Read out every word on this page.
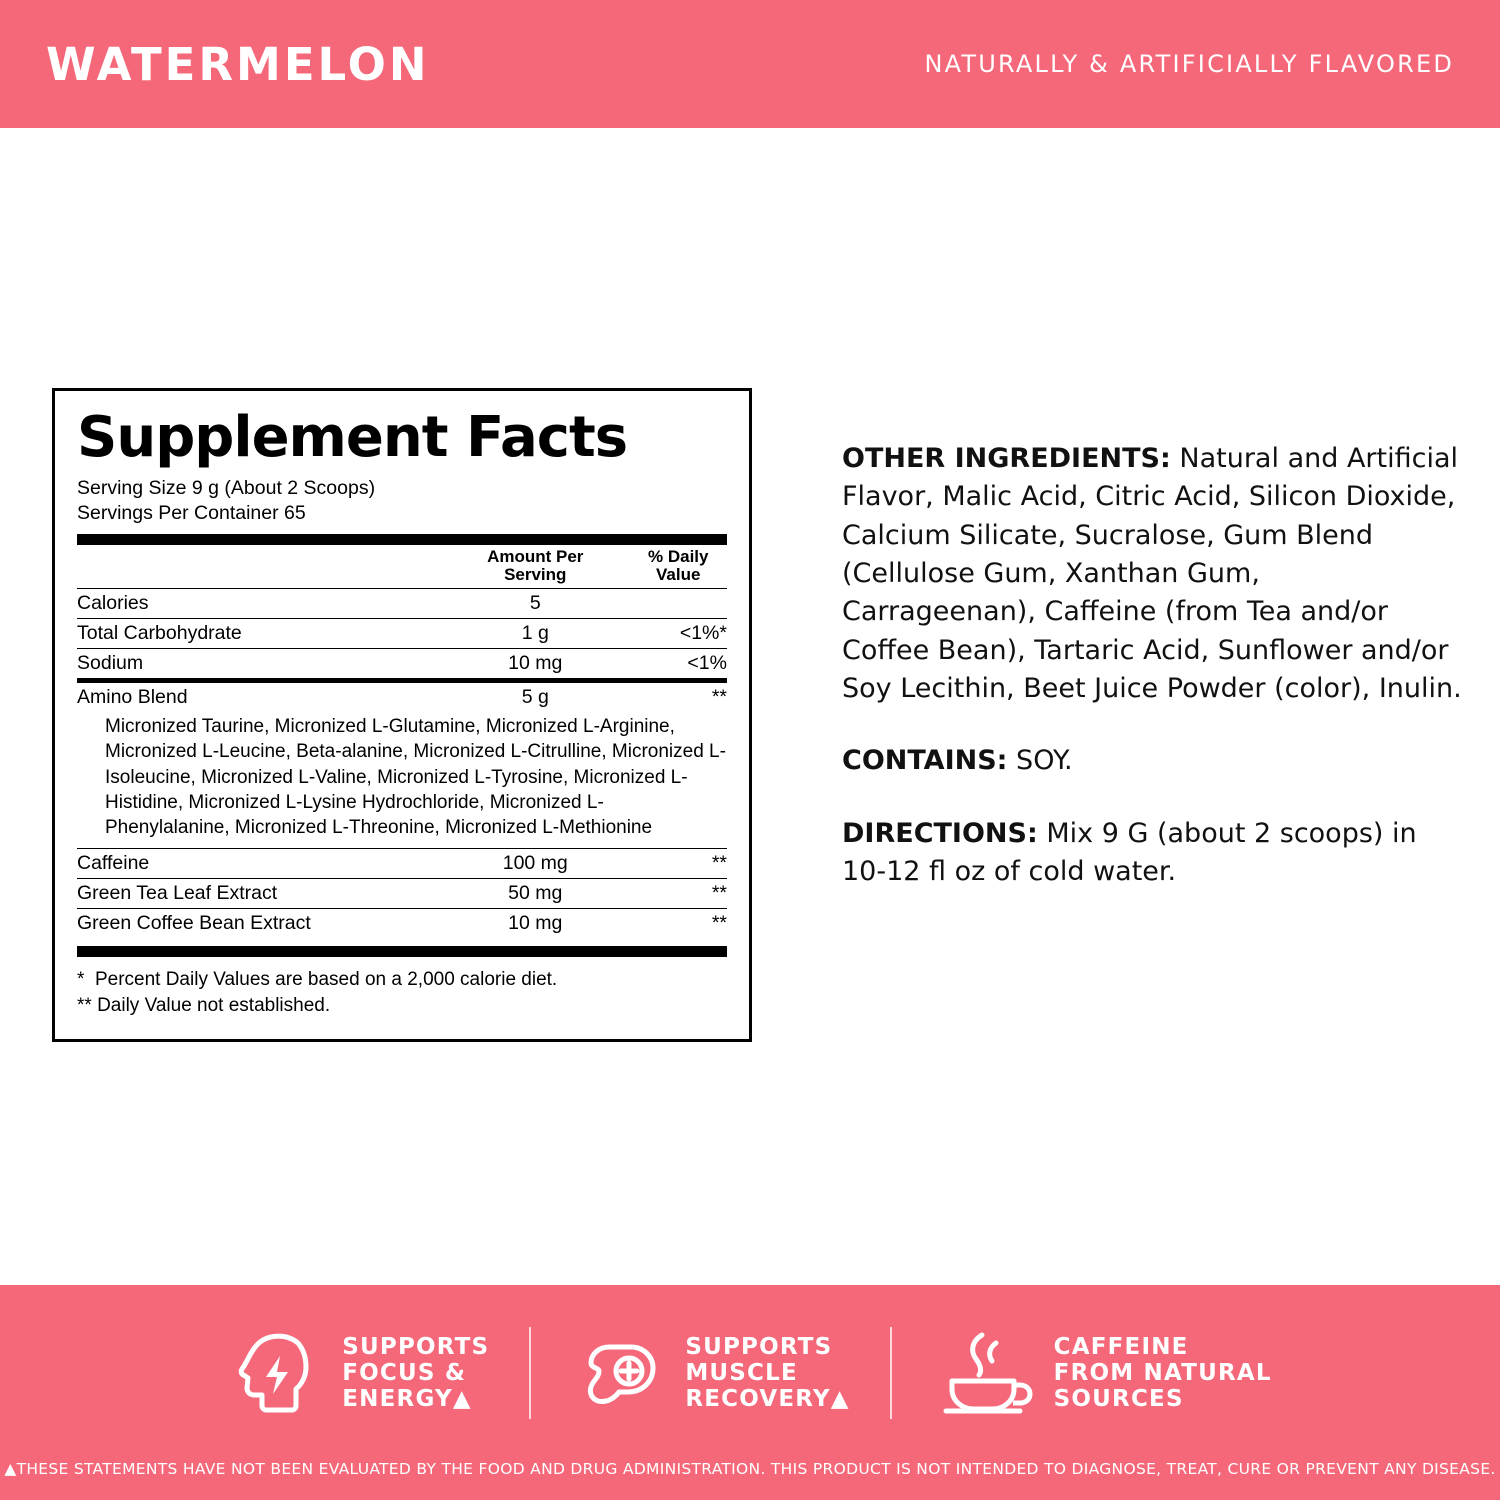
WATERMELON	NATURALLY & ARTIFICIALLY FLAVORED
Supplement Facts
Serving Size 9 g (About 2 Scoops)
Servings Per Container 65

Amount Per
Serving

% Daily
Value

Calories	5	
Total Carbohydrate	1 g	<1%*
Sodium	10 mg	<1%
Amino Blend	5 g	**
Micronized Taurine, Micronized L-Glutamine, Micronized L-Arginine, Micronized L-Leucine, Beta-alanine, Micronized L-Citrulline, Micronized L-Isoleucine, Micronized L-Valine, Micronized L-Tyrosine, Micronized L-Histidine, Micronized L-Lysine Hydrochloride, Micronized L-Phenylalanine, Micronized L-Threonine, Micronized L-Methionine
Caffeine	100 mg	**
Green Tea Leaf Extract	50 mg	**
Green Coffee Bean Extract	10 mg	**
*  Percent Daily Values are based on a 2,000 calorie diet.
** Daily Value not established.

OTHER INGREDIENTS: Natural and Artificial Flavor, Malic Acid, Citric Acid, Silicon Dioxide, Calcium Silicate, Sucralose, Gum Blend (Cellulose Gum, Xanthan Gum, Carrageenan), Caffeine (from Tea and/or Coffee Bean), Tartaric Acid, Sunflower and/or Soy Lecithin, Beet Juice Powder (color), Inulin.

CONTAINS: SOY.

DIRECTIONS: Mix 9 G (about 2 scoops) in 10-12 fl oz of cold water.

SUPPORTS
FOCUS &
ENERGY▲
SUPPORTS
MUSCLE
RECOVERY▲
CAFFEINE
FROM NATURAL
SOURCES
▲THESE STATEMENTS HAVE NOT BEEN EVALUATED BY THE FOOD AND DRUG ADMINISTRATION. THIS PRODUCT IS NOT INTENDED TO DIAGNOSE, TREAT, CURE OR PREVENT ANY DISEASE.
